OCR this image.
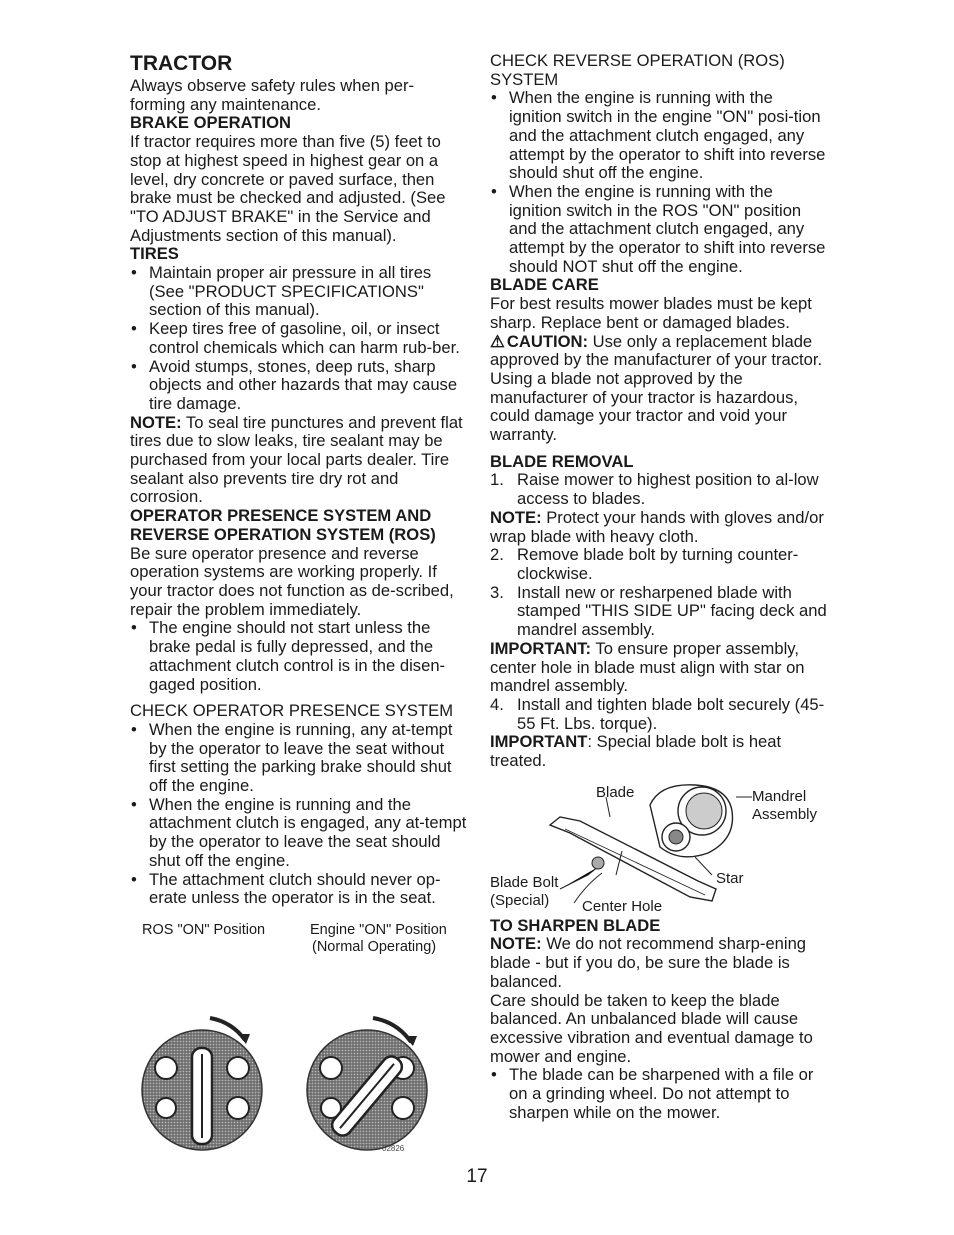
TRACTOR

Always observe safety rules when per-forming any maintenance.

BRAKE OPERATION

If tractor requires more than five (5) feet to stop at highest speed in highest gear on a level, dry concrete or paved surface, then brake must be checked and adjusted. (See "TO ADJUST BRAKE" in the Service and Adjustments section of this manual).

TIRES
• Maintain proper air pressure in all tires (See "PRODUCT SPECIFICATIONS" section of this manual).
• Keep tires free of gasoline, oil, or insect control chemicals which can harm rub-ber.
• Avoid stumps, stones, deep ruts, sharp objects and other hazards that may cause tire damage.

NOTE: To seal tire punctures and prevent flat tires due to slow leaks, tire sealant may be purchased from your local parts dealer. Tire sealant also prevents tire dry rot and corrosion.

OPERATOR PRESENCE SYSTEM AND REVERSE OPERATION SYSTEM (ROS)

Be sure operator presence and reverse operation systems are working properly. If your tractor does not function as de-scribed, repair the problem immediately.

• The engine should not start unless the brake pedal is fully depressed, and the attachment clutch control is in the disen-gaged position.
CHECK OPERATOR PRESENCE SYSTEM
• When the engine is running, any at-tempt by the operator to leave the seat without first setting the parking brake should shut off the engine.
• When the engine is running and the attachment clutch is engaged, any at-tempt by the operator to leave the seat should shut off the engine.
• The attachment clutch should never op-erate unless the operator is in the seat.
ROS "ON" Position	Engine "ON" Position
(Normal Operating)
02826
CHECK REVERSE OPERATION (ROS) SYSTEM
• When the engine is running with the ignition switch in the engine "ON" posi-tion and the attachment clutch engaged, any attempt by the operator to shift into reverse should shut off the engine.
• When the engine is running with the ignition switch in the ROS "ON" position and the attachment clutch engaged, any attempt by the operator to shift into reverse should NOT shut off the engine.
BLADE CARE

For best results mower blades must be kept sharp. Replace bent or damaged blades.

⚠ CAUTION: Use only a replacement blade approved by the manufacturer of your tractor. Using a blade not approved by the manufacturer of your tractor is hazardous, could damage your tractor and void your warranty.

BLADE REMOVAL
1. Raise mower to highest position to al-low access to blades.

NOTE: Protect your hands with gloves and/or wrap blade with heavy cloth.

2. Remove blade bolt by turning counter-clockwise.
3. Install new or resharpened blade with stamped "THIS SIDE UP" facing deck and mandrel assembly.

IMPORTANT: To ensure proper assembly, center hole in blade must align with star on mandrel assembly.

4. Install and tighten blade bolt securely (45-55 Ft. Lbs. torque).

IMPORTANT: Special blade bolt is heat treated.

Blade	Mandrel
Assembly
Blade Bolt
(Special)
Star
Center Hole
TO SHARPEN BLADE

NOTE: We do not recommend sharp-ening blade - but if you do, be sure the blade is balanced.

Care should be taken to keep the blade balanced. An unbalanced blade will cause excessive vibration and eventual damage to mower and engine.

• The blade can be sharpened with a file or on a grinding wheel. Do not attempt to sharpen while on the mower.
17
